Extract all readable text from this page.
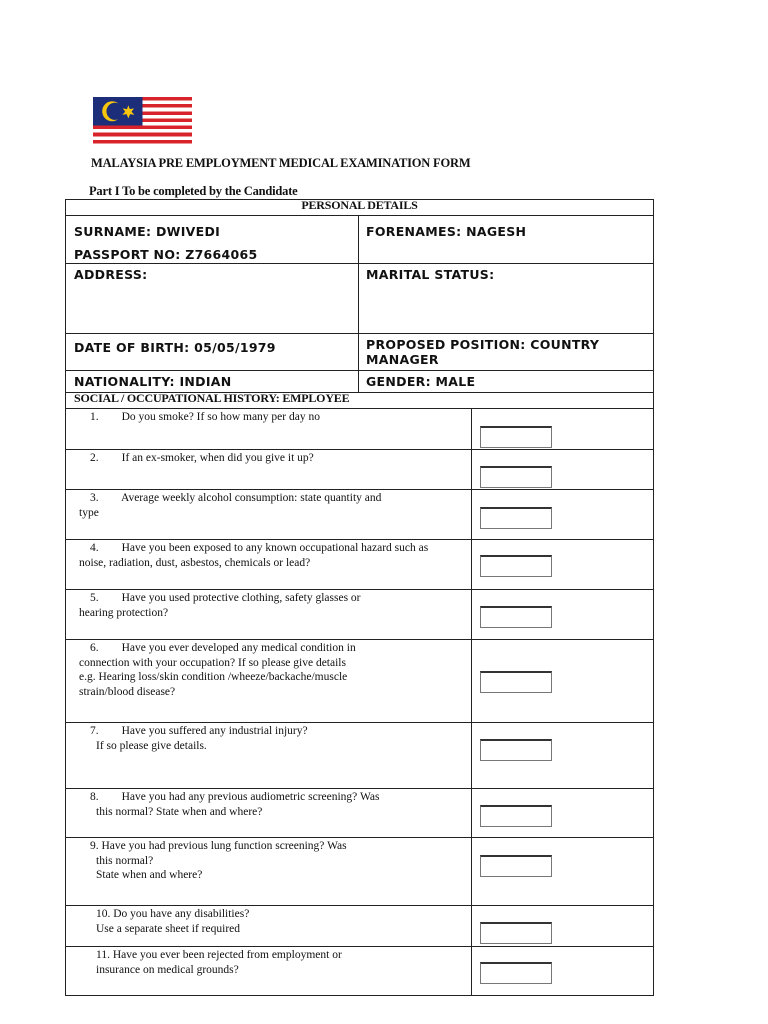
MALAYSIA PRE EMPLOYMENT MEDICAL EXAMINATION FORM
Part I To be completed by the Candidate
PERSONAL DETAILS
SURNAME: DWIVEDI
PASSPORT NO: Z7664065
FORENAMES: NAGESH
ADDRESS:	MARITAL STATUS:
DATE OF BIRTH: 05/05/1979	PROPOSED POSITION: COUNTRY
MANAGER
NATIONALITY: INDIAN	GENDER: MALE
SOCIAL / OCCUPATIONAL HISTORY: EMPLOYEE
1.        Do you smoke? If so how many per day no
2.        If an ex-smoker, when did you give it up?
3.        Average weekly alcohol consumption: state quantity and
type
4.        Have you been exposed to any known occupational hazard such as
noise, radiation, dust, asbestos, chemicals or lead?
5.        Have you used protective clothing, safety glasses or
hearing protection?
6.        Have you ever developed any medical condition in
connection with your occupation? If so please give details
e.g. Hearing loss/skin condition /wheeze/backache/muscle
strain/blood disease?
7.        Have you suffered any industrial injury?
If so please give details.
8.        Have you had any previous audiometric screening? Was
this normal? State when and where?
9. Have you had previous lung function screening? Was
this normal?
State when and where?
10. Do you have any disabilities?
Use a separate sheet if required
11. Have you ever been rejected from employment or
insurance on medical grounds?
